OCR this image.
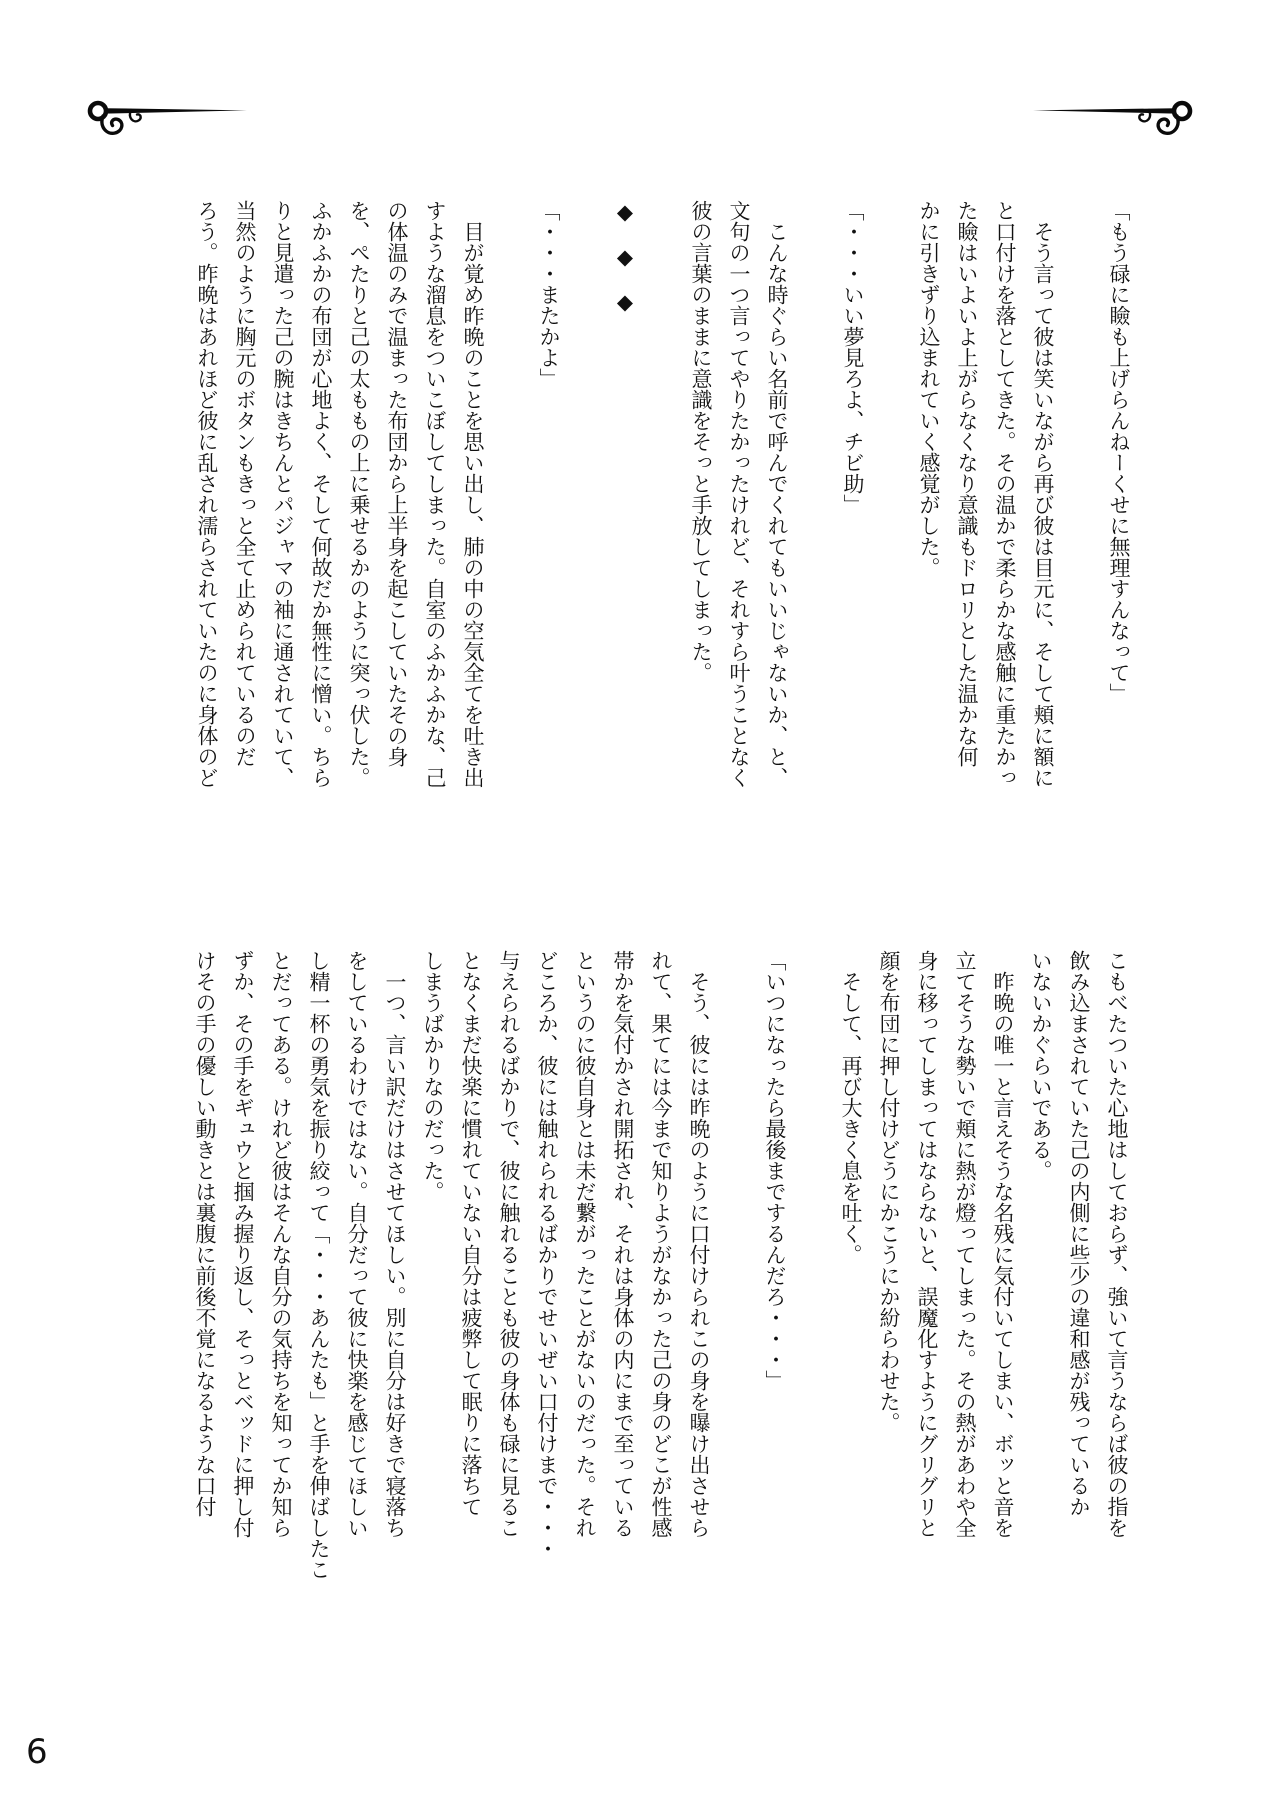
「もう碌に瞼も上げらんねーくせに無理すんなって」

　そう言って彼は笑いながら再び彼は目元に、そして頬に額に

と口付けを落としてきた。その温かで柔らかな感触に重たかっ

た瞼はいよいよ上がらなくなり意識もドロリとした温かな何

かに引きずり込まれていく感覚がした。

「・・・いい夢見ろよ、チビ助」

　こんな時ぐらい名前で呼んでくれてもいいじゃないか、と、

文句の一つ言ってやりたかったけれど、それすら叶うことなく

彼の言葉のままに意識をそっと手放してしまった。

◆　◆　◆

「・・・またかよ」

　目が覚め昨晩のことを思い出し、肺の中の空気全てを吐き出

すような溜息をついこぼしてしまった。自室のふかふかな、己

の体温のみで温まった布団から上半身を起こしていたその身

を、ぺたりと己の太ももの上に乗せるかのように突っ伏した。

ふかふかの布団が心地よく、そして何故だか無性に憎い。ちら

りと見遣った己の腕はきちんとパジャマの袖に通されていて、

当然のように胸元のボタンもきっと全て止められているのだ

ろう。昨晩はあれほど彼に乱され濡らされていたのに身体のど

こもべたついた心地はしておらず、強いて言うならば彼の指を

飲み込まされていた己の内側に些少の違和感が残っているか

いないかぐらいである。

　昨晩の唯一と言えそうな名残に気付いてしまい、ボッと音を

立てそうな勢いで頬に熱が燈ってしまった。その熱があわや全

身に移ってしまってはならないと、誤魔化すようにグリグリと

顔を布団に押し付けどうにかこうにか紛らわせた。

　そして、再び大きく息を吐く。

「いつになったら最後までするんだろ・・・」

　そう、彼には昨晩のように口付けられこの身を曝け出させら

れて、果てには今まで知りようがなかった己の身のどこが性感

帯かを気付かされ開拓され、それは身体の内にまで至っている

というのに彼自身とは未だ繋がったことがないのだった。それ

どころか、彼には触れられるばかりでせいぜい口付けまで・・・

与えられるばかりで、彼に触れることも彼の身体も碌に見るこ

となくまだ快楽に慣れていない自分は疲弊して眠りに落ちて

しまうばかりなのだった。

　一つ、言い訳だけはさせてほしい。別に自分は好きで寝落ち

をしているわけではない。自分だって彼に快楽を感じてほしい

し精一杯の勇気を振り絞って「・・・あんたも」と手を伸ばしたこ

とだってある。けれど彼はそんな自分の気持ちを知ってか知ら

ずか、その手をギュウと掴み握り返し、そっとベッドに押し付

けその手の優しい動きとは裏腹に前後不覚になるような口付

6
